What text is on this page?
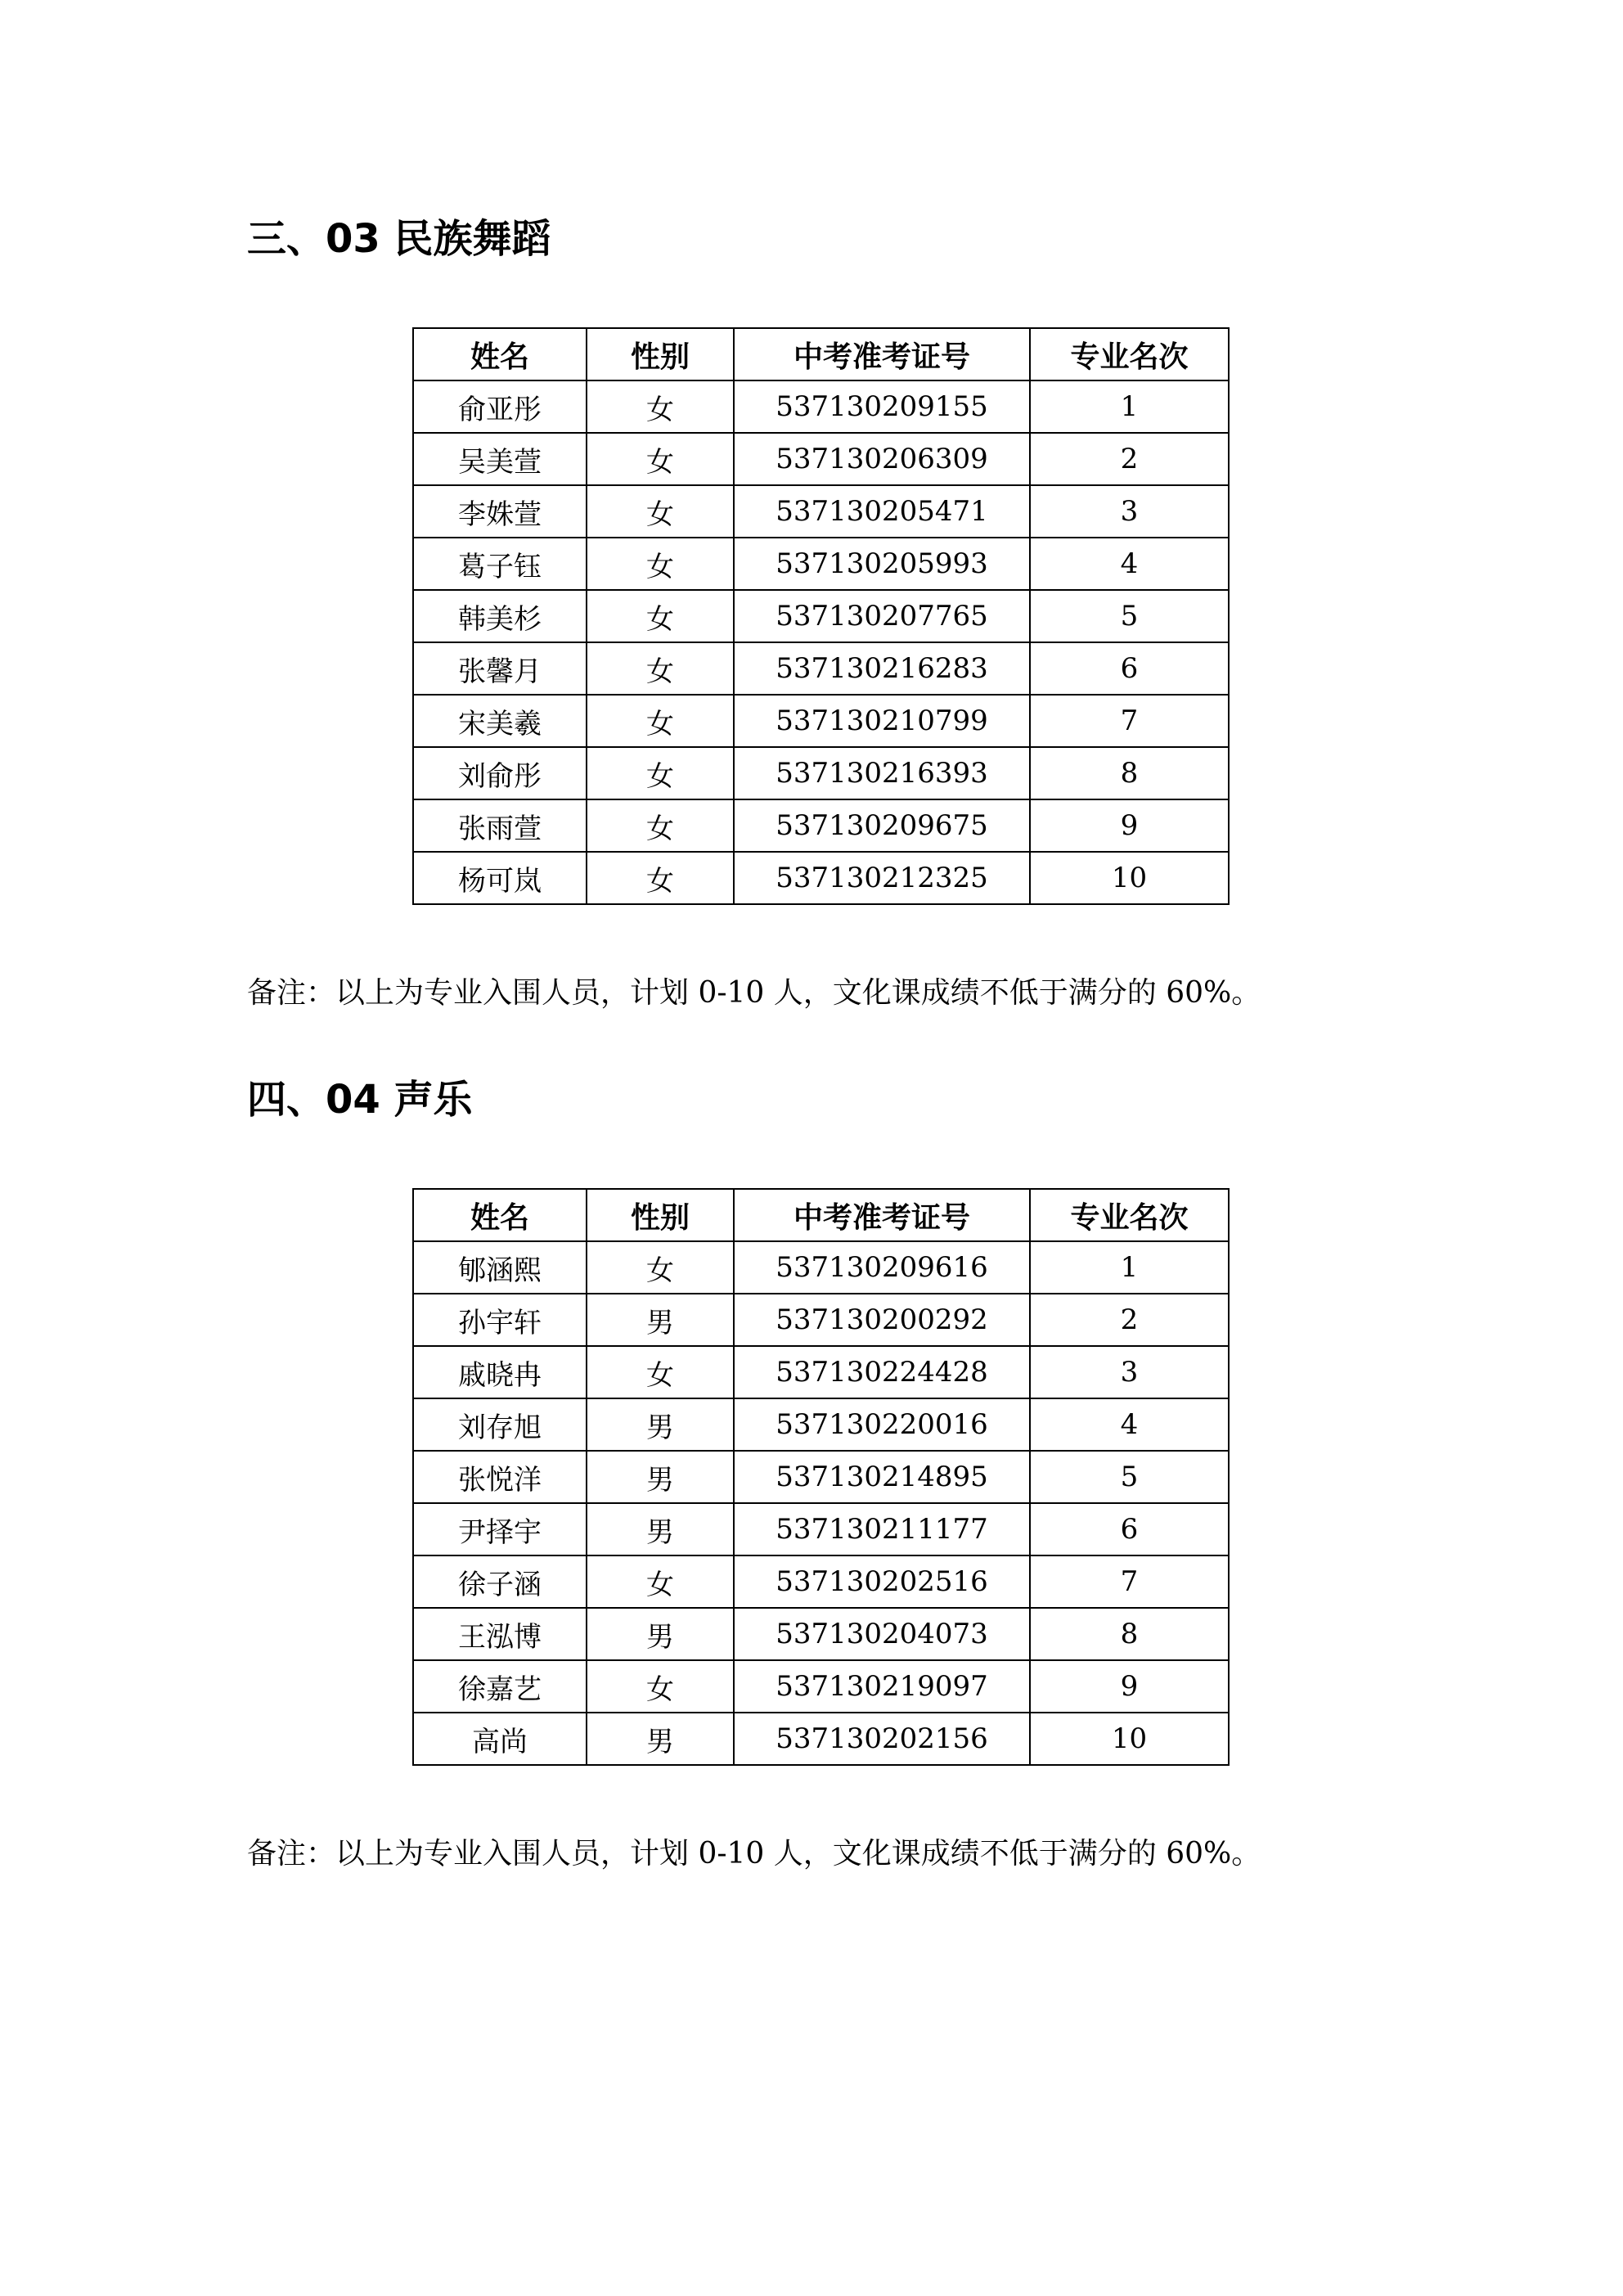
三、03 民族舞蹈
姓名	性别	中考准考证号	专业名次
俞亚彤	女	537130209155	1
吴美萱	女	537130206309	2
李姝萱	女	537130205471	3
葛子钰	女	537130205993	4
韩美杉	女	537130207765	5
张馨月	女	537130216283	6
宋美羲	女	537130210799	7
刘俞彤	女	537130216393	8
张雨萱	女	537130209675	9
杨可岚	女	537130212325	10
备注：以上为专业入围人员，计划 0-10 人，文化课成绩不低于满分的 60%。
四、04 声乐
姓名	性别	中考准考证号	专业名次
郇涵熙	女	537130209616	1
孙宇轩	男	537130200292	2
戚晓冉	女	537130224428	3
刘存旭	男	537130220016	4
张悦洋	男	537130214895	5
尹择宇	男	537130211177	6
徐子涵	女	537130202516	7
王泓博	男	537130204073	8
徐嘉艺	女	537130219097	9
高尚	男	537130202156	10
备注：以上为专业入围人员，计划 0-10 人，文化课成绩不低于满分的 60%。
